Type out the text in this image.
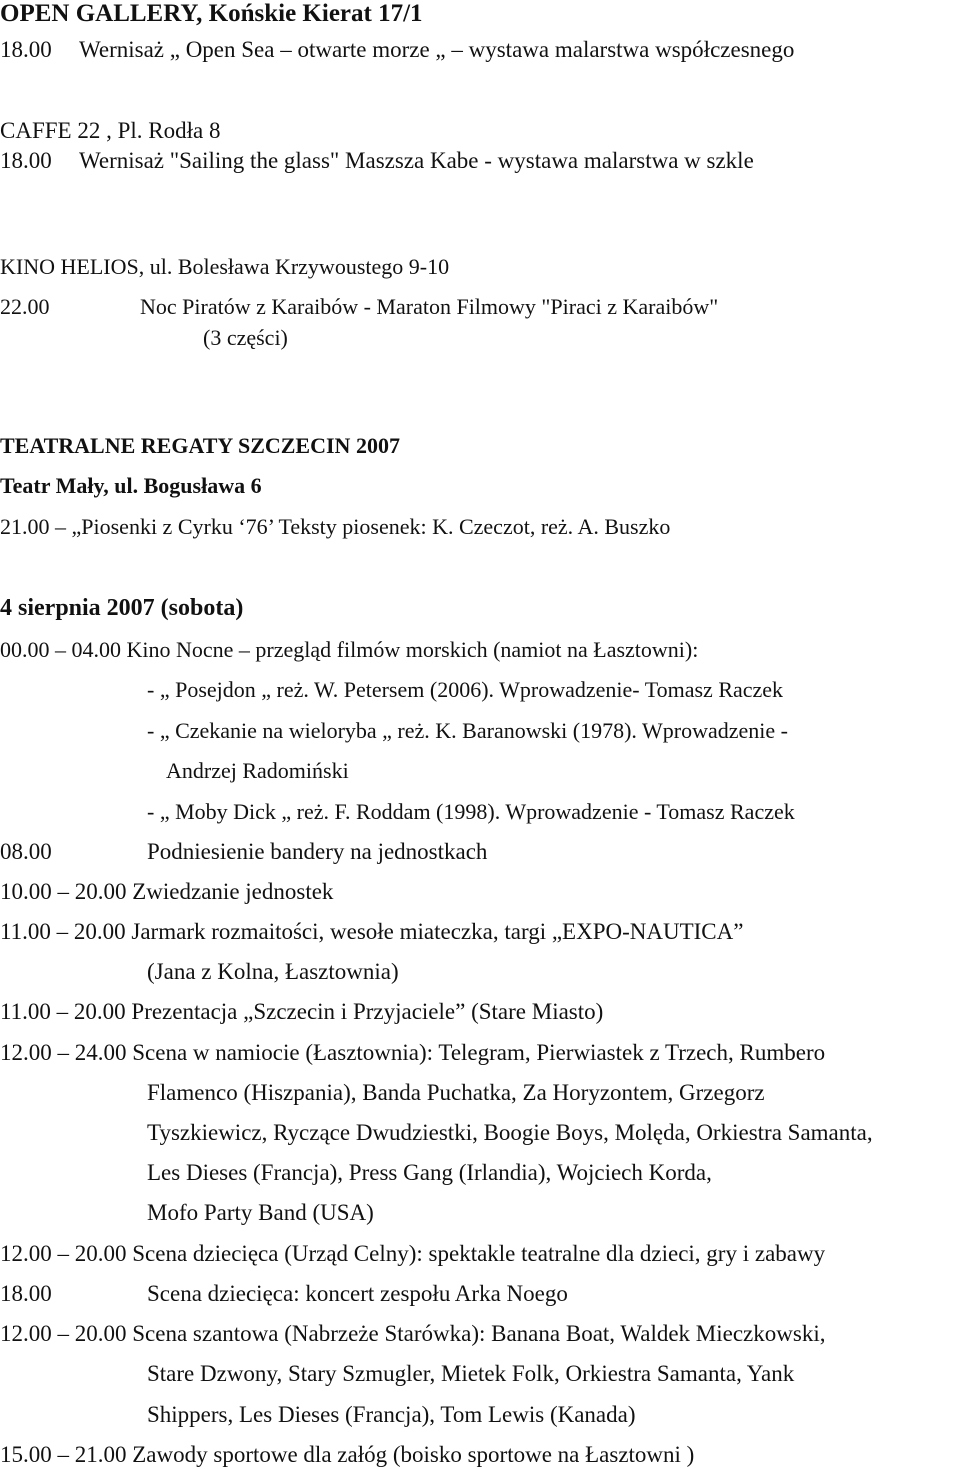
OPEN GALLERY, Końskie Kierat 17/1
18.00 Wernisaż „ Open Sea – otwarte morze „ – wystawa malarstwa współczesnego
CAFFE 22 , Pl. Rodła 8
18.00 Wernisaż "Sailing the glass" Maszsza Kabe - wystawa malarstwa w szkle
KINO HELIOS, ul. Bolesława Krzywoustego 9-10
22.00	Noc Piratów z Karaibów - Maraton Filmowy "Piraci z Karaibów"
(3 części)
TEATRALNE REGATY SZCZECIN 2007
Teatr Mały, ul. Bogusława 6
21.00 – „Piosenki z Cyrku ‘76’ Teksty piosenek: K. Czeczot, reż. A. Buszko
4 sierpnia 2007 (sobota)
00.00 – 04.00 Kino Nocne – przegląd filmów morskich (namiot na Łasztowni):
- „ Posejdon „ reż. W. Petersem (2006). Wprowadzenie- Tomasz Raczek
- „ Czekanie na wieloryba „ reż. K. Baranowski (1978). Wprowadzenie -
Andrzej Radomiński
- „ Moby Dick „ reż. F. Roddam (1998). Wprowadzenie - Tomasz Raczek
08.00	Podniesienie bandery na jednostkach
10.00 – 20.00 Zwiedzanie jednostek
11.00 – 20.00 Jarmark rozmaitości, wesołe miateczka, targi „EXPO-NAUTICA”
(Jana z Kolna, Łasztownia)
11.00 – 20.00 Prezentacja „Szczecin i Przyjaciele” (Stare Miasto)
12.00 – 24.00 Scena w namiocie (Łasztownia): Telegram, Pierwiastek z Trzech, Rumbero
Flamenco (Hiszpania), Banda Puchatka, Za Horyzontem, Grzegorz
Tyszkiewicz, Ryczące Dwudziestki, Boogie Boys, Molęda, Orkiestra Samanta,
Les Dieses (Francja), Press Gang (Irlandia), Wojciech Korda,
Mofo Party Band (USA)
12.00 – 20.00 Scena dziecięca (Urząd Celny): spektakle teatralne dla dzieci, gry i zabawy
18.00	Scena dziecięca: koncert zespołu Arka Noego
12.00 – 20.00 Scena szantowa (Nabrzeże Starówka): Banana Boat, Waldek Mieczkowski,
Stare Dzwony, Stary Szmugler, Mietek Folk, Orkiestra Samanta, Yank
Shippers, Les Dieses (Francja), Tom Lewis (Kanada)
15.00 – 21.00 Zawody sportowe dla załóg (boisko sportowe na Łasztowni )
